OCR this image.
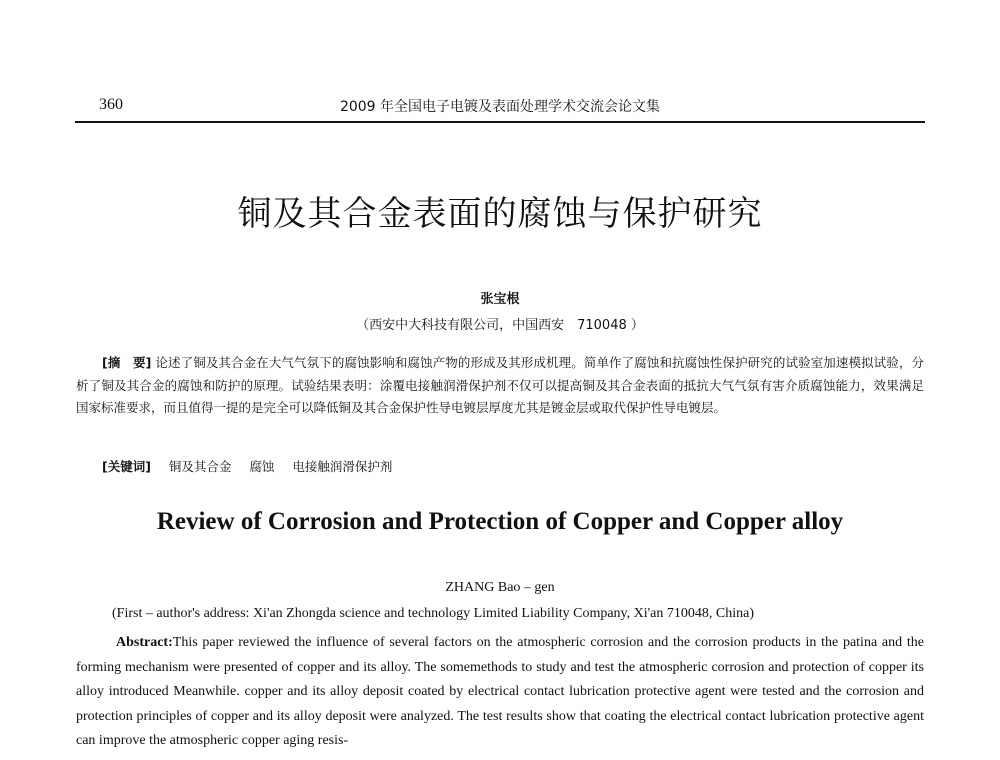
360	2009 年全国电子电镀及表面处理学术交流会论文集
铜及其合金表面的腐蚀与保护研究
张宝根
（西安中大科技有限公司，中国西安　710048 ）
[摘　要] 论述了铜及其合金在大气气氛下的腐蚀影响和腐蚀产物的形成及其形成机理。简单作了腐蚀和抗腐蚀性保护研究的试验室加速模拟试验，分析了铜及其合金的腐蚀和防护的原理。试验结果表明：涂覆电接触润滑保护剂不仅可以提高铜及其合金表面的抵抗大气气氛有害介质腐蚀能力，效果满足国家标准要求，而且值得一提的是完全可以降低铜及其合金保护性导电镀层厚度尤其是镀金层或取代保护性导电镀层。
[关键词] 铜及其合金 腐蚀 电接触润滑保护剂
Review of Corrosion and Protection of Copper and Copper alloy
ZHANG Bao – gen
(First – author's address: Xi'an Zhongda science and technology Limited Liability Company, Xi'an 710048, China)
Abstract:This paper reviewed the influence of several factors on the atmospheric corrosion and the corrosion products in the patina and the forming mechanism were presented of copper and its alloy. The somemethods to study and test the atmospheric corrosion and protection of copper its alloy introduced Meanwhile. copper and its alloy deposit coated by electrical contact lubrication protective agent were tested and the corrosion and protection principles of copper and its alloy deposit were analyzed. The test results show that coating the electrical contact lubrication protective agent can improve the atmospheric copper aging resis-
